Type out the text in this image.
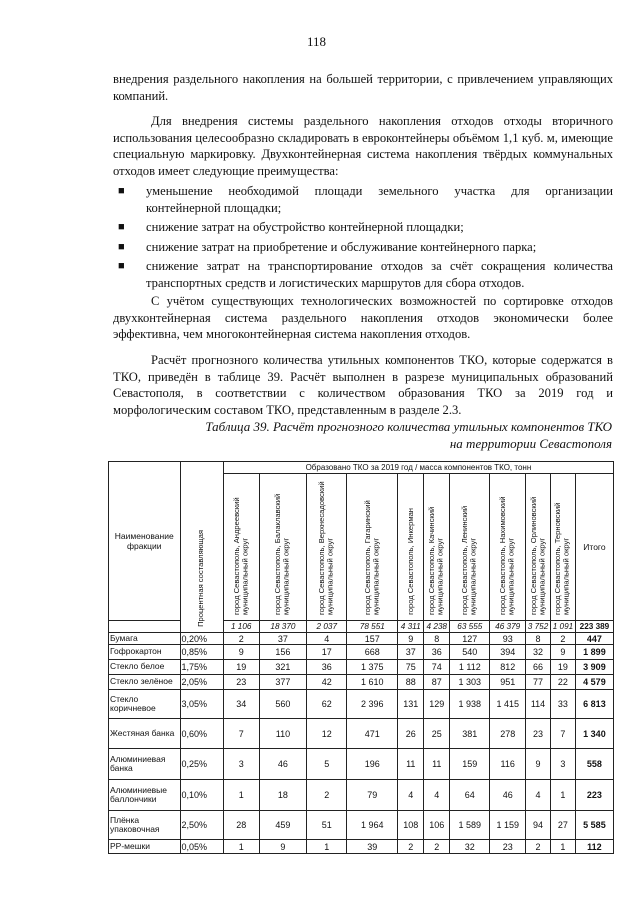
118

внедрения раздельного накопления на большей территории, с привлечением управляющих компаний.

Для внедрения системы раздельного накопления отходов отходы вторичного использования целесообразно складировать в евроконтейнеры объёмом 1,1 куб. м, имеющие специальную маркировку. Двухконтейнерная система накопления твёрдых коммунальных отходов имеет следующие преимущества:

■ уменьшение необходимой площади земельного участка для организации контейнерной площадки;
■ снижение затрат на обустройство контейнерной площадки;
■ снижение затрат на приобретение и обслуживание контейнерного парка;
■ снижение затрат на транспортирование отходов за счёт сокращения количества транспортных средств и логистических маршрутов для сбора отходов.

С учётом существующих технологических возможностей по сортировке отходов двухконтейнерная система раздельного накопления отходов экономически более эффективна, чем многоконтейнерная система накопления отходов.

Расчёт прогнозного количества утильных компонентов ТКО, которые содержатся в ТКО, приведён в таблице 39. Расчёт выполнен в разрезе муниципальных образований Севастополя, в соответствии с количеством образования ТКО за 2019 год и морфологическим составом ТКО, представленным в разделе 2.3.

Таблица 39. Расчёт прогнозного количества утильных компонентов ТКО на территории Севастополя

Наименование фракции	Процентная составляющая	Образовано ТКО за 2019 год / масса компонентов ТКО, тонн										
		город Севастополь, Андреевский муниципальный округ	город Севастополь, Балаклавский муниципальный округ	город Севастополь, Верхнесадовский муниципальный округ	город Севастополь, Гагаринский муниципальный округ	город Севастополь, Инкерман	город Севастополь, Качинский муниципальный округ	город Севастополь, Ленинский муниципальный округ	город Севастополь, Нахимовский муниципальный округ	город Севастополь, Орлиновский муниципальный округ	город Севастополь, Терновский муниципальный округ	Итого
		1 106	18 370	2 037	78 551	4 311	4 238	63 555	46 379	3 752	1 091	223 389
Бумага	0,20%	2	37	4	157	9	8	127	93	8	2	447
Гофрокартон	0,85%	9	156	17	668	37	36	540	394	32	9	1 899
Стекло белое	1,75%	19	321	36	1 375	75	74	1 112	812	66	19	3 909
Стекло зелёное	2,05%	23	377	42	1 610	88	87	1 303	951	77	22	4 579
Стекло коричневое	3,05%	34	560	62	2 396	131	129	1 938	1 415	114	33	6 813
Жестяная банка	0,60%	7	110	12	471	26	25	381	278	23	7	1 340
Алюминиевая банка	0,25%	3	46	5	196	11	11	159	116	9	3	558
Алюминиевые баллончики	0,10%	1	18	2	79	4	4	64	46	4	1	223
Плёнка упаковочная	2,50%	28	459	51	1 964	108	106	1 589	1 159	94	27	5 585
PP-мешки	0,05%	1	9	1	39	2	2	32	23	2	1	112
